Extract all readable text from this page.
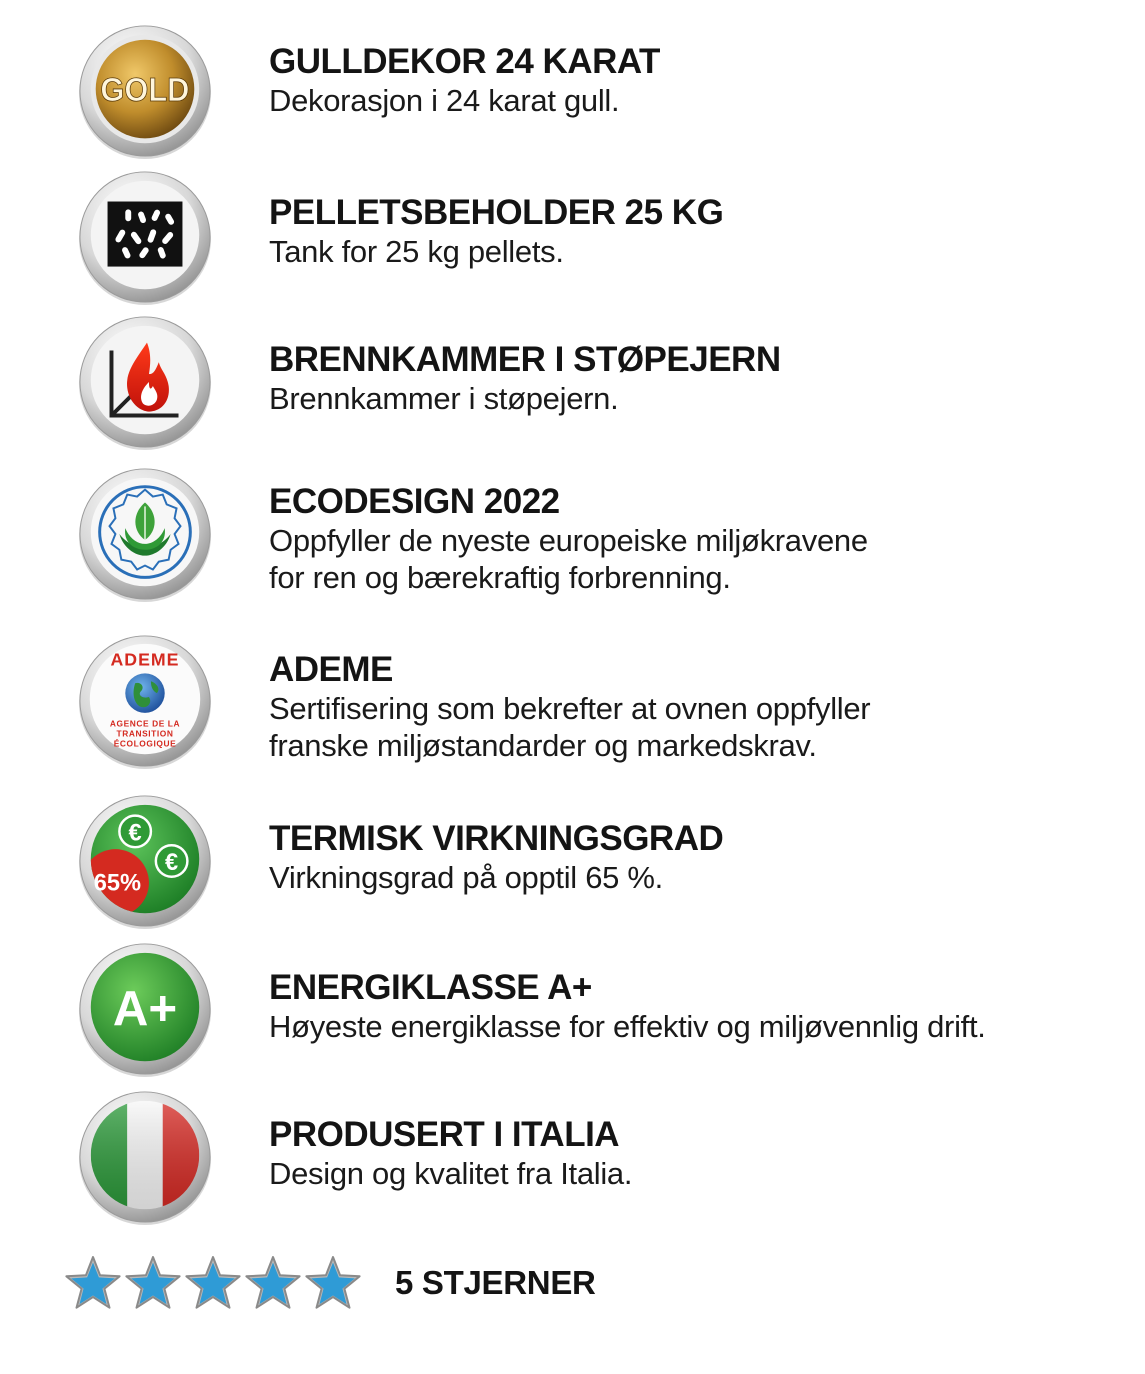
GOLD
GULLDEKOR 24 KARAT
Dekorasjon i 24 karat gull.
PELLETSBEHOLDER 25 KG
Tank for 25 kg pellets.
BRENNKAMMER I STØPEJERN
Brennkammer i støpejern.
ECODESIGN 2022
Oppfyller de nyeste europeiske miljøkravene
for ren og bærekraftig forbrenning.
ADEME
AGENCE DE LA
TRANSITION
ÉCOLOGIQUE
ADEME
Sertifisering som bekrefter at ovnen oppfyller
franske miljøstandarder og markedskrav.
€
€
65%
TERMISK VIRKNINGSGRAD
Virkningsgrad på opptil 65 %.
A+	ENERGIKLASSE A+
Høyeste energiklasse for effektiv og miljøvennlig drift.
PRODUSERT I ITALIA
Design og kvalitet fra Italia.
5 STJERNER
